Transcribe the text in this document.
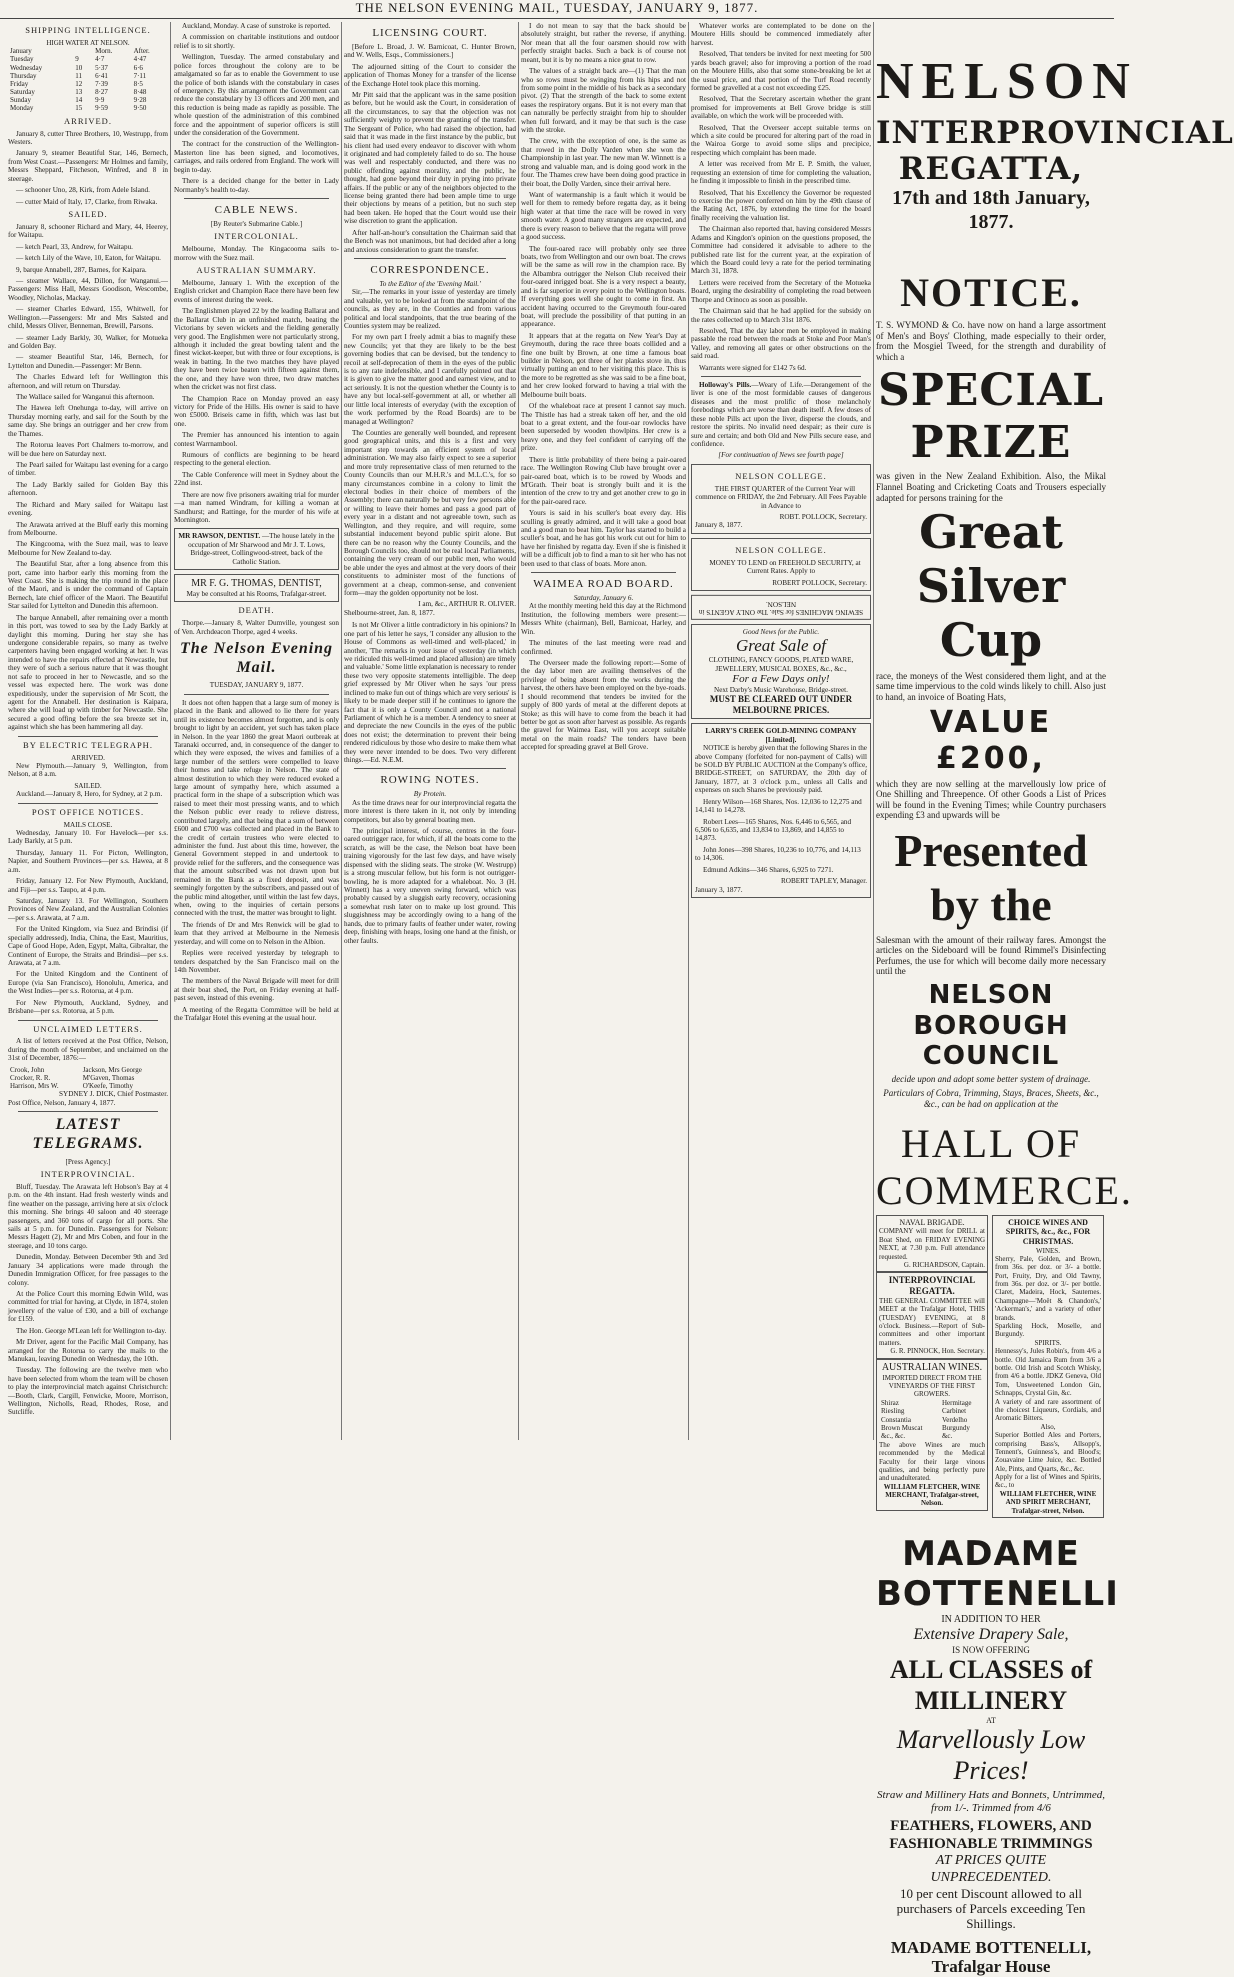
THE NELSON EVENING MAIL, TUESDAY, JANUARY 9, 1877.
SHIPPING INTELLIGENCE.
HIGH WATER AT NELSON.
January		Morn.	After.
Tuesday	9	4·7	4·47
Wednesday	10	5·37	6·6
Thursday	11	6·41	7·11
Friday	12	7·39	8·5
Saturday	13	8·27	8·48
Sunday	14	9·9	9·28
Monday	15	9·59	9·50
ARRIVED.

January 8, cutter Three Brothers, 10, Westrupp, from Westers.

January 9, steamer Beautiful Star, 146, Bernech, from West Coast.—Passengers: Mr Holmes and family, Messrs Sheppard, Fitcheson, Winfred, and 8 in steerage.

— schooner Uno, 28, Kirk, from Adele Island.

— cutter Maid of Italy, 17, Clarke, from Riwaka.

SAILED.

January 8, schooner Richard and Mary, 44, Heerey, for Waitapu.

— ketch Pearl, 33, Andrew, for Waitapu.

— ketch Lily of the Wave, 10, Eaton, for Waitapu.

9, barque Annabell, 287, Barnes, for Kaipara.

— steamer Wallace, 44, Dillon, for Wanganui.—Passengers: Miss Hall, Messrs Goodison, Wescombe, Woodley, Nicholas, Mackay.

— steamer Charles Edward, 155, Whitwell, for Wellington.—Passengers: Mr and Mrs Salsted and child, Messrs Oliver, Benneman, Brewill, Parsons.

— steamer Lady Barkly, 30, Walker, for Motueka and Golden Bay.

— steamer Beautiful Star, 146, Bernech, for Lyttelton and Dunedin.—Passenger: Mr Benn.

The Charles Edward left for Wellington this afternoon, and will return on Thursday.

The Wallace sailed for Wanganui this afternoon.

The Hawea left Onehunga to-day, will arrive on Thursday morning early, and sail for the South by the same day. She brings an outrigger and her crew from the Thames.

The Rotorua leaves Port Chalmers to-morrow, and will be due here on Saturday next.

The Pearl sailed for Waitapu last evening for a cargo of timber.

The Lady Barkly sailed for Golden Bay this afternoon.

The Richard and Mary sailed for Waitapu last evening.

The Arawata arrived at the Bluff early this morning from Melbourne.

The Kingcooma, with the Suez mail, was to leave Melbourne for New Zealand to-day.

The Beautiful Star, after a long absence from this port, came into harbor early this morning from the West Coast. She is making the trip round in the place of the Maori, and is under the command of Captain Bernech, late chief officer of the Maori. The Beautiful Star sailed for Lyttelton and Dunedin this afternoon.

The barque Annabell, after remaining over a month in this port, was towed to sea by the Lady Barkly at daylight this morning. During her stay she has undergone considerable repairs, so many as twelve carpenters having been engaged working at her. It was intended to have the repairs effected at Newcastle, but they were of such a serious nature that it was thought not safe to proceed in her to Newcastle, and so the vessel was expected here. The work was done expeditiously, under the supervision of Mr Scott, the agent for the Annabell. Her destination is Kaipara, where she will load up with timber for Newcastle. She secured a good offing before the sea breeze set in, against which she has been hammering all day.

BY ELECTRIC TELEGRAPH.
ARRIVED.

New Plymouth.—January 9, Wellington, from Nelson, at 8 a.m.

SAILED.

Auckland.—January 8, Hero, for Sydney, at 2 p.m.

POST OFFICE NOTICES.
MAILS CLOSE.

Wednesday, January 10. For Havelock—per s.s. Lady Barkly, at 5 p.m.

Thursday, January 11. For Picton, Wellington, Napier, and Southern Provinces—per s.s. Hawea, at 8 a.m.

Friday, January 12. For New Plymouth, Auckland, and Fiji—per s.s. Taupo, at 4 p.m.

Saturday, January 13. For Wellington, Southern Provinces of New Zealand, and the Australian Colonies—per s.s. Arawata, at 7 a.m.

For the United Kingdom, via Suez and Brindisi (if specially addressed), India, China, the East, Mauritius, Cape of Good Hope, Aden, Egypt, Malta, Gibraltar, the Continent of Europe, the Straits and Brindisi—per s.s. Arawata, at 7 a.m.

For the United Kingdom and the Continent of Europe (via San Francisco), Honolulu, America, and the West Indies—per s.s. Rotorua, at 4 p.m.

For New Plymouth, Auckland, Sydney, and Brisbane—per s.s. Rotorua, at 5 p.m.

UNCLAIMED LETTERS.

A list of letters received at the Post Office, Nelson, during the month of September, and unclaimed on the 31st of December, 1876:—

Crook, John	Jackson, Mrs George
Crocker, R. R.	M'Gaven, Thomas
Harrison, Mrs W.	O'Keefe, Timothy
SYDNEY J. DICK, Chief Postmaster.
Post Office, Nelson, January 4, 1877.
LATEST TELEGRAMS.
[Press Agency.]
INTERPROVINCIAL.

Bluff, Tuesday. The Arawata left Hobson's Bay at 4 p.m. on the 4th instant. Had fresh westerly winds and fine weather on the passage, arriving here at six o'clock this morning. She brings 40 saloon and 40 steerage passengers, and 360 tons of cargo for all ports. She sails at 5 p.m. for Dunedin. Passengers for Nelson: Messrs Hagett (2), Mr and Mrs Coben, and four in the steerage, and 10 tons cargo.

Dunedin, Monday. Between December 9th and 3rd January 34 applications were made through the Dunedin Immigration Officer, for free passages to the colony.

At the Police Court this morning Edwin Wild, was committed for trial for having, at Clyde, in 1874, stolen jewellery of the value of £30, and a bill of exchange for £159.

The Hon. George M'Lean left for Wellington to-day.

Mr Driver, agent for the Pacific Mail Company, has arranged for the Rotorua to carry the mails to the Manukau, leaving Dunedin on Wednesday, the 10th.

Tuesday. The following are the twelve men who have been selected from whom the team will be chosen to play the interprovincial match against Christchurch:—Booth, Clark, Cargill, Fenwicke, Moore, Morrison, Wellington, Nicholls, Read, Rhodes, Rose, and Sutcliffe.

Auckland, Monday. A case of sunstroke is reported.

A commission on charitable institutions and outdoor relief is to sit shortly.

Wellington, Tuesday. The armed constabulary and police forces throughout the colony are to be amalgamated so far as to enable the Government to use the police of both islands with the constabulary in cases of emergency. By this arrangement the Government can reduce the constabulary by 13 officers and 200 men, and this reduction is being made as rapidly as possible. The whole question of the administration of this combined force and the appointment of superior officers is still under the consideration of the Government.

The contract for the construction of the Wellington-Masterton line has been signed, and locomotives, carriages, and rails ordered from England. The work will begin to-day.

There is a decided change for the better in Lady Normanby's health to-day.

CABLE NEWS.
[By Reuter's Submarine Cable.]
INTERCOLONIAL.

Melbourne, Monday. The Kingacooma sails to-morrow with the Suez mail.

AUSTRALIAN SUMMARY.

Melbourne, January 1. With the exception of the English cricket and Champion Race there have been few events of interest during the week.

The Englishmen played 22 by the leading Ballarat and the Ballarat Club in an unfinished match, beating the Victorians by seven wickets and the fielding generally very good. The Englishmen were not particularly strong, although it included the great bowling talent and the finest wicket-keeper, but with three or four exceptions, is weak in batting. In the two matches they have played they have been twice beaten with fifteen against them, the one, and they have won three, two draw matches when the cricket was not first class.

The Champion Race on Monday proved an easy victory for Pride of the Hills. His owner is said to have won £5000. Briseis came in fifth, which was last but one.

The Premier has announced his intention to again contest Warrnambool.

Rumours of conflicts are beginning to be heard respecting to the general election.

The Cable Conference will meet in Sydney about the 22nd inst.

There are now five prisoners awaiting trial for murder—a man named Windram, for killing a woman at Sandhurst; and Rattinge, for the murder of his wife at Mornington.

MR RAWSON, DENTIST. —The house lately in the occupation of Mr Sharwood and Mr J. T. Lows, Bridge-street, Collingwood-street, back of the Catholic Station.
MR F. G. THOMAS, DENTIST,
May be consulted at his Rooms, Trafalgar-street.
DEATH.

Thorpe.—January 8, Walter Dumville, youngest son of Ven. Archdeacon Thorpe, aged 4 weeks.

The Nelson Evening Mail.
TUESDAY, JANUARY 9, 1877.

It does not often happen that a large sum of money is placed in the Bank and allowed to lie there for years until its existence becomes almost forgotten, and is only brought to light by an accident, yet such has taken place in Nelson. In the year 1860 the great Maori outbreak at Taranaki occurred, and, in consequence of the danger to which they were exposed, the wives and families of a large number of the settlers were compelled to leave their homes and take refuge in Nelson. The state of almost destitution to which they were reduced evoked a large amount of sympathy here, which assumed a practical form in the shape of a subscription which was raised to meet their most pressing wants, and to which the Nelson public ever ready to relieve distress, contributed largely, and that being that a sum of between £600 and £700 was collected and placed in the Bank to the credit of certain trustees who were elected to administer the fund. Just about this time, however, the General Government stepped in and undertook to provide relief for the sufferers, and the consequence was that the amount subscribed was not drawn upon but remained in the Bank as a fixed deposit, and was seemingly forgotten by the subscribers, and passed out of the public mind altogether, until within the last few days, when, owing to the inquiries of certain persons connected with the trust, the matter was brought to light.

The friends of Dr and Mrs Renwick will be glad to learn that they arrived at Melbourne in the Nemesis yesterday, and will come on to Nelson in the Albion.

Replies were received yesterday by telegraph to tenders despatched by the San Francisco mail on the 14th November.

The members of the Naval Brigade will meet for drill at their boat shed, the Port, on Friday evening at half-past seven, instead of this evening.

A meeting of the Regatta Committee will be held at the Trafalgar Hotel this evening at the usual hour.

LICENSING COURT.

[Before L. Broad, J. W. Barnicoat, C. Hunter Brown, and W. Wells, Esqs., Commissioners.]

The adjourned sitting of the Court to consider the application of Thomas Money for a transfer of the license of the Exchange Hotel took place this morning.

Mr Pitt said that the applicant was in the same position as before, but he would ask the Court, in consideration of all the circumstances, to say that the objection was not sufficiently weighty to prevent the granting of the transfer. The Sergeant of Police, who had raised the objection, had said that it was made in the first instance by the public, but his client had used every endeavor to discover with whom it originated and had completely failed to do so. The house was well and respectably conducted, and there was no public offending against morality, and the public, he thought, had gone beyond their duty in prying into private affairs. If the public or any of the neighbors objected to the license being granted there had been ample time to urge their objections by means of a petition, but no such step had been taken. He hoped that the Court would use their wise discretion to grant the application.

After half-an-hour's consultation the Chairman said that the Bench was not unanimous, but had decided after a long and anxious consideration to grant the transfer.

CORRESPONDENCE.
To the Editor of the 'Evening Mail.'

Sir,—The remarks in your issue of yesterday are timely and valuable, yet to be looked at from the standpoint of the councils, as they are, in the Counties and from various political and local standpoints, that the true bearing of the Counties system may be realized.

For my own part I freely admit a bias to magnify these new Councils; yet that they are likely to be the best governing bodies that can be devised, but the tendency to recoil at self-deprecation of them in the eyes of the public is to any rate indefensible, and I carefully pointed out that it is given to give the matter good and earnest view, and to act seriously. It is not the question whether the County is to have any but local-self-government at all, or whether all our little local interests of everyday (with the exception of the work performed by the Road Boards) are to be managed at Wellington?

The Counties are generally well bounded, and represent good geographical units, and this is a first and very important step towards an efficient system of local administration. We may also fairly expect to see a superior and more truly representative class of men returned to the County Councils than our M.H.R.'s and M.L.C.'s, for so many circumstances combine in a colony to limit the electoral bodies in their choice of members of the Assembly; there can naturally be but very few persons able or willing to leave their homes and pass a good part of every year in a distant and not agreeable town, such as Wellington, and they require, and will require, some substantial inducement beyond public spirit alone. But there can be no reason why the County Councils, and the Borough Councils too, should not be real local Parliaments, containing the very cream of our public men, who would be able under the eyes and almost at the very doors of their constituents to administer most of the functions of government at a cheap, common-sense, and convenient form—may the golden opportunity not be lost.

I am, &c., ARTHUR R. OLIVER.
Shelbourne-street, Jan. 8, 1877.

Is not Mr Oliver a little contradictory in his opinions? In one part of his letter he says, 'I consider any allusion to the House of Commons as well-timed and well-placed,' in another, 'The remarks in your issue of yesterday (in which we ridiculed this well-timed and placed allusion) are timely and valuable.' Some little explanation is necessary to render these two very opposite statements intelligible. The deep grief expressed by Mr Oliver when he says 'our press inclined to make fun out of things which are very serious' is likely to be made deeper still if he continues to ignore the fact that it is only a County Council and not a national Parliament of which he is a member. A tendency to sneer at and depreciate the new Councils in the eyes of the public does not exist; the determination to prevent their being rendered ridiculous by those who desire to make them what they were never intended to be does. Two very different things.—Ed. N.E.M.

ROWING NOTES.
By Protein.

As the time draws near for our interprovincial regatta the more interest is there taken in it, not only by intending competitors, but also by general boating men.

The principal interest, of course, centres in the four-oared outrigger race, for which, if all the boats come to the scratch, as will be the case, the Nelson boat have been training vigorously for the last few days, and have wisely dispensed with the sliding seats. The stroke (W. Westrupp) is a strong muscular fellow, but his form is not outrigger-bowling, he is more adapted for a whaleboat. No. 3 (H. Winnett) has a very uneven swing forward, which was probably caused by a sluggish early recovery, occasioning a somewhat rush later on to make up lost ground. This sluggishness may be accordingly owing to a hang of the hands, due to primary faults of feather under water, rowing deep, finishing with heaps, losing one hand at the finish, or other faults.

I do not mean to say that the back should be absolutely straight, but rather the reverse, if anything. Nor mean that all the four oarsmen should row with perfectly straight backs. Such a back is of course not meant, but it is by no means a nice gnat to row.

The values of a straight back are—(1) That the man who so rows must be swinging from his hips and not from some point in the middle of his back as a secondary pivot. (2) That the strength of the back to some extent eases the respiratory organs. But it is not every man that can naturally be perfectly straight from hip to shoulder when full forward, and it may be that such is the case with the stroke.

The crew, with the exception of one, is the same as that rowed in the Dolly Varden when she won the Championship in last year. The new man W. Winnett is a strong and valuable man, and is doing good work in the four. The Thames crew have been doing good practice in their boat, the Dolly Varden, since their arrival here.

Want of watermanship is a fault which it would be well for them to remedy before regatta day, as it being high water at that time the race will be rowed in very smooth water. A good many strangers are expected, and there is every reason to believe that the regatta will prove a good success.

The four-oared race will probably only see three boats, two from Wellington and our own boat. The crews will be the same as will row in the champion race. By the Albambra outrigger the Nelson Club received their four-oared inrigged boat. She is a very respect a beauty, and is far superior in every point to the Wellington boats. If everything goes well she ought to come in first. An accident having occurred to the Greymouth four-oared boat, will preclude the possibility of that putting in an appearance.

It appears that at the regatta on New Year's Day at Greymouth, during the race three boats collided and a fine one built by Brown, at one time a famous boat builder in Nelson, got three of her planks stove in, thus virtually putting an end to her visiting this place. This is the more to be regretted as she was said to be a fine boat, and her crew looked forward to having a trial with the Melbourne built boats.

Of the whaleboat race at present I cannot say much. The Thistle has had a streak taken off her, and the old boat to a great extent, and the four-oar rowlocks have been superseded by wooden thowlpins. Her crew is a heavy one, and they feel confident of carrying off the prize.

There is little probability of there being a pair-oared race. The Wellington Rowing Club have brought over a pair-oared boat, which is to be rowed by Woods and M'Grath. Their boat is strongly built and it is the intention of the crew to try and get another crew to go in for the pair-oared race.

Yours is said in his sculler's boat every day. His sculling is greatly admired, and it will take a good boat and a good man to beat him. Taylor has started to build a sculler's boat, and he has got his work cut out for him to have her finished by regatta day. Even if she is finished it will be a difficult job to find a man to sit her who has not been used to that class of boats. More anon.

WAIMEA ROAD BOARD.
Saturday, January 6.

At the monthly meeting held this day at the Richmond Institution, the following members were present:—Messrs White (chairman), Bell, Barnicoat, Harley, and Win.

The minutes of the last meeting were read and confirmed.

The Overseer made the following report:—Some of the day labor men are availing themselves of the privilege of being absent from the works during the harvest, the others have been employed on the bye-roads. I should recommend that tenders be invited for the supply of 800 yards of metal at the different depots at Stoke; as this will have to come from the beach it had better be got as soon after harvest as possible. As regards the gravel for Waimea East, will you accept suitable metal on the main roads? The tenders have been accepted for spreading gravel at Bell Grove.

Whatever works are contemplated to be done on the Moutere Hills should be commenced immediately after harvest.

Resolved, That tenders be invited for next meeting for 500 yards beach gravel; also for improving a portion of the road on the Moutere Hills, also that some stone-breaking be let at the usual price, and that portion of the Turf Road recently formed be gravelled at a cost not exceeding £25.

Resolved, That the Secretary ascertain whether the grant promised for improvements at Bell Grove bridge is still available, on which the work will be proceeded with.

Resolved, That the Overseer accept suitable terms on which a site could be procured for altering part of the road in the Wairoa Gorge to avoid some slips and precipice, respecting which complaint has been made.

A letter was received from Mr E. P. Smith, the valuer, requesting an extension of time for completing the valuation, he finding it impossible to finish in the prescribed time.

Resolved, That his Excellency the Governor be requested to exercise the power conferred on him by the 49th clause of the Rating Act, 1876, by extending the time for the board finally receiving the valuation list.

The Chairman also reported that, having considered Messrs Adams and Kingdon's opinion on the questions proposed, the Committee had considered it advisable to adhere to the published rate list for the current year, at the expiration of which the Board could levy a rate for the period terminating March 31, 1878.

Letters were received from the Secretary of the Motueka Board, urging the desirability of completing the road between Thorpe and Orinoco as soon as possible.

The Chairman said that he had applied for the subsidy on the rates collected up to March 31st 1876.

Resolved, That the day labor men be employed in making passable the road between the roads at Stoke and Poor Man's Valley, and removing all gates or other obstructions on the said road.

Warrants were signed for £142 7s 6d.

Holloway's Pills.—Weary of Life.—Derangement of the liver is one of the most formidable causes of dangerous diseases and the most prolific of those melancholy forebodings which are worse than death itself. A few doses of these noble Pills act upon the liver, disperse the clouds, and restore the spirits. No invalid need despair; as their cure is sure and certain; and both Old and New Pills secure ease, and confidence.

[For continuation of News see fourth page]
NELSON COLLEGE.

THE FIRST QUARTER of the Current Year will commence on FRIDAY, the 2nd February. All Fees Payable in Advance to

ROBT. POLLOCK, Secretary.
January 8, 1877.
NELSON COLLEGE.

MONEY TO LEND on FREEHOLD SECURITY, at Current Rates. Apply to

ROBERT POLLOCK, Secretary.
SEWING MACHINES for Sale. The ONLY AGENTS in NELSON.
Good News for the Public.
Great Sale of
CLOTHING, FANCY GOODS, PLATED WARE, JEWELLERY, MUSICAL BOXES, &c., &c.,
For a Few Days only!
Next Darby's Music Warehouse, Bridge-street.
MUST BE CLEARED OUT UNDER MELBOURNE PRICES.
LARRY'S CREEK GOLD-MINING COMPANY [Limited].

NOTICE is hereby given that the following Shares in the above Company (forfeited for non-payment of Calls) will be SOLD BY PUBLIC AUCTION at the Company's office, BRIDGE-STREET, on SATURDAY, the 20th day of January, 1877, at 3 o'clock p.m., unless all Calls and expenses on such Shares be previously paid.

Henry Wilson—168 Shares, Nos. 12,036 to 12,275 and 14,141 to 14,278.

Robert Lees—165 Shares, Nos. 6,446 to 6,565, and 6,506 to 6,635, and 13,834 to 13,869, and 14,855 to 14,873.

John Jones—398 Shares, 10,236 to 10,776, and 14,113 to 14,306.

Edmund Adkins—346 Shares, 6,925 to 7271.

ROBERT TAPLEY, Manager.
January 3, 1877.
NELSON
INTERPROVINCIAL REGATTA,
17th and 18th January, 1877.
NOTICE.
T. S. WYMOND & Co. have now on hand a large assortment of Men's and Boys' Clothing, made especially to their order, from the Mosgiel Tweed, for the strength and durability of which a
SPECIAL PRIZE
was given in the New Zealand Exhibition. Also, the Mikal Flannel Boating and Cricketing Coats and Trousers especially adapted for persons training for the
Great Silver Cup
race, the moneys of the West considered them light, and at the same time impervious to the cold winds likely to chill. Also just to hand, an invoice of Boating Hats,
VALUE £200,
which they are now selling at the marvellously low price of One Shilling and Threepence. Of other Goods a List of Prices will be found in the Evening Times; while Country purchasers expending £3 and upwards will be
Presented by the
Salesman with the amount of their railway fares. Amongst the articles on the Sideboard will be found Rimmel's Disinfecting Perfumes, the use for which will become daily more necessary until the
NELSON BOROUGH COUNCIL
decide upon and adopt some better system of drainage.
Particulars of Cobra, Trimming, Stays, Braces, Sheets, &c., &c., can be had on application at the
HALL OF COMMERCE.
NAVAL BRIGADE.
COMPANY will meet for DRILL at Boat Shed, on FRIDAY EVENING NEXT, at 7.30 p.m. Full attendance requested.
G. RICHARDSON, Captain.
INTERPROVINCIAL REGATTA.
THE GENERAL COMMITTEE will MEET at the Trafalgar Hotel, THIS (TUESDAY) EVENING, at 8 o'clock. Business.—Report of Sub-committees and other important matters.
G. R. PINNOCK, Hon. Secretary.
AUSTRALIAN WINES.
IMPORTED DIRECT FROM THE VINEYARDS OF THE FIRST GROWERS.
Shiraz	Hermitage
Riesling	Carbinet
Constantia	Verdelho
Brown Muscat	Burgundy
&c., &c.	&c.
The above Wines are much recommended by the Medical Faculty for their large vinous qualities, and being perfectly pure and unadulterated.
WILLIAM FLETCHER, WINE MERCHANT, Trafalgar-street, Nelson.
CHOICE WINES AND SPIRITS, &c., &c., FOR CHRISTMAS.
WINES.
Sherry, Pale, Golden, and Brown, from 36s. per doz. or 3/- a bottle. Port, Fruity, Dry, and Old Tawny, from 36s. per doz. or 3/- per bottle. Claret, Madeira, Hock, Sauternes. Champagne—'Moët & Chandon's,' 'Ackerman's,' and a variety of other brands.
Sparkling Hock, Moselle, and Burgundy.
SPIRITS.
Hennessy's, Jules Robin's, from 4/6 a bottle. Old Jamaica Rum from 3/6 a bottle. Old Irish and Scotch Whisky, from 4/6 a bottle. JDKZ Geneva, Old Tom, Unsweetened London Gin, Schnapps, Crystal Gin, &c.
A variety of and rare assortment of the choicest Liqueurs, Cordials, and Aromatic Bitters.
Also,
Superior Bottled Ales and Porters, comprising Bass's, Allsopp's, Tennent's, Guinness's, and Blood's; Zouavaine Lime Juice, &c. Bottled Ale, Pints, and Quarts, &c., &c.
Apply for a list of Wines and Spirits, &c., to
WILLIAM FLETCHER, WINE AND SPIRIT MERCHANT, Trafalgar-street, Nelson.
MADAME BOTTENELLI
IN ADDITION TO HER
Extensive Drapery Sale,
IS NOW OFFERING
ALL CLASSES of MILLINERY
AT
Marvellously Low Prices!
Straw and Millinery Hats and Bonnets, Untrimmed, from 1/-. Trimmed from 4/6
FEATHERS, FLOWERS, AND FASHIONABLE TRIMMINGS
AT PRICES QUITE UNPRECEDENTED.
10 per cent Discount allowed to all purchasers of Parcels exceeding Ten Shillings.
MADAME BOTTENELLI, Trafalgar House
